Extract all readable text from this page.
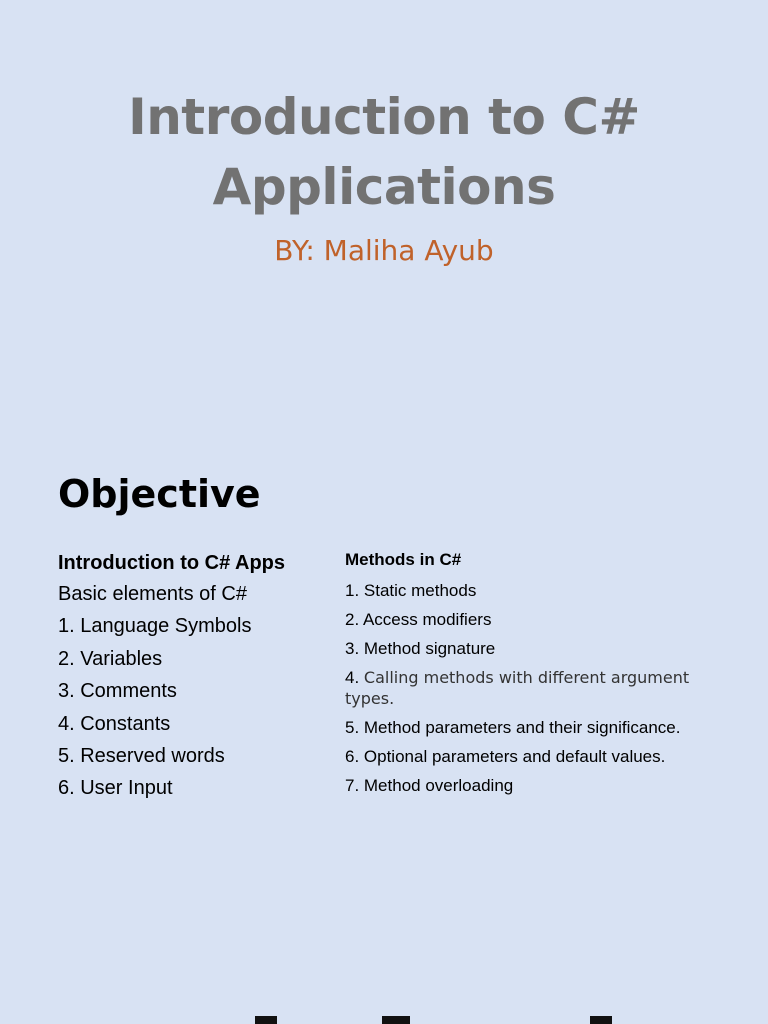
Introduction to C#
Applications
BY: Maliha Ayub
Objective
Introduction to C# Apps
Basic elements of C#
1. Language Symbols
2. Variables
3. Comments
4. Constants
5. Reserved words
6. User Input
Methods in C#
1. Static methods
2. Access modifiers
3. Method signature
4. Calling methods with different argument types.
5. Method parameters and their significance.
6. Optional parameters and default values.
7. Method overloading
